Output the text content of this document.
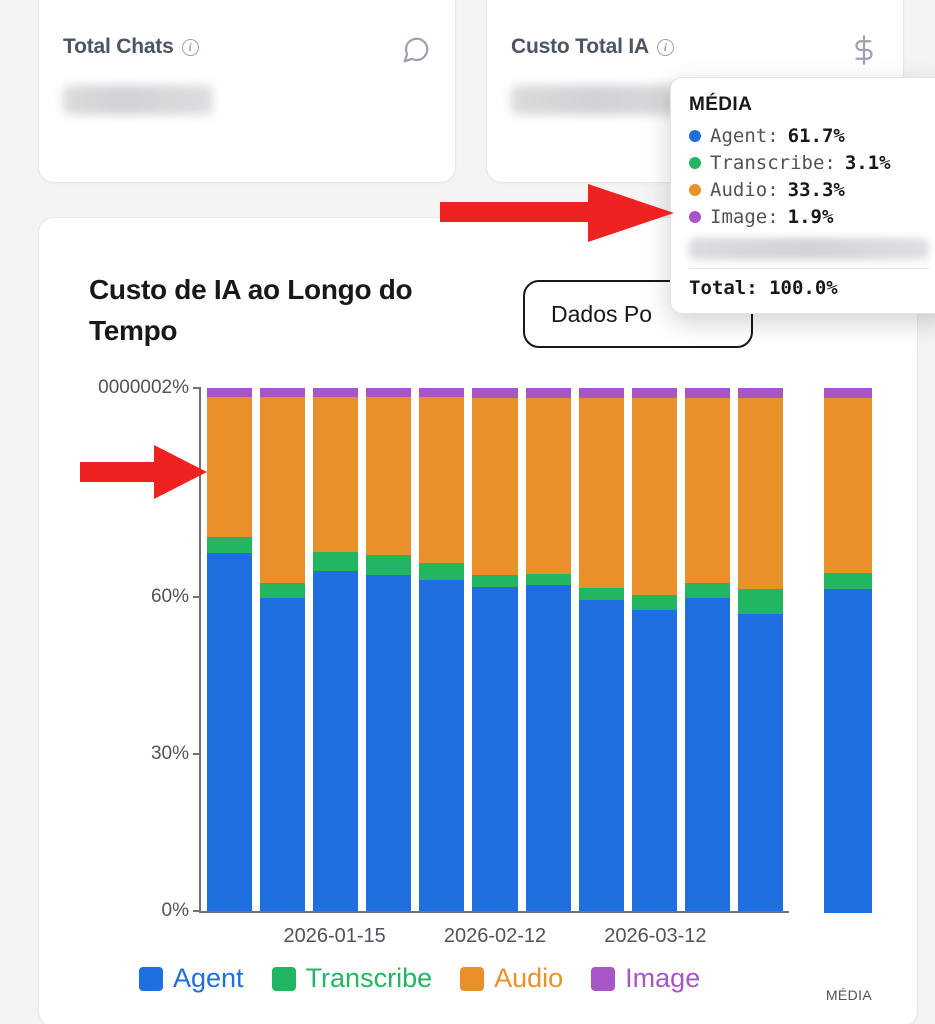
Total Chats	i	Custo Total IA	i
Custo de IA ao Longo do Tempo
Dados Po
0%
30%
60%
0000002%
2026-01-15	2026-02-12	2026-03-12
MÉDIA
Agent Transcribe Audio Image
MÉDIA
Agent: 61.7%
Transcribe: 3.1%
Audio: 33.3%
Image: 1.9%
Total: 100.0%
